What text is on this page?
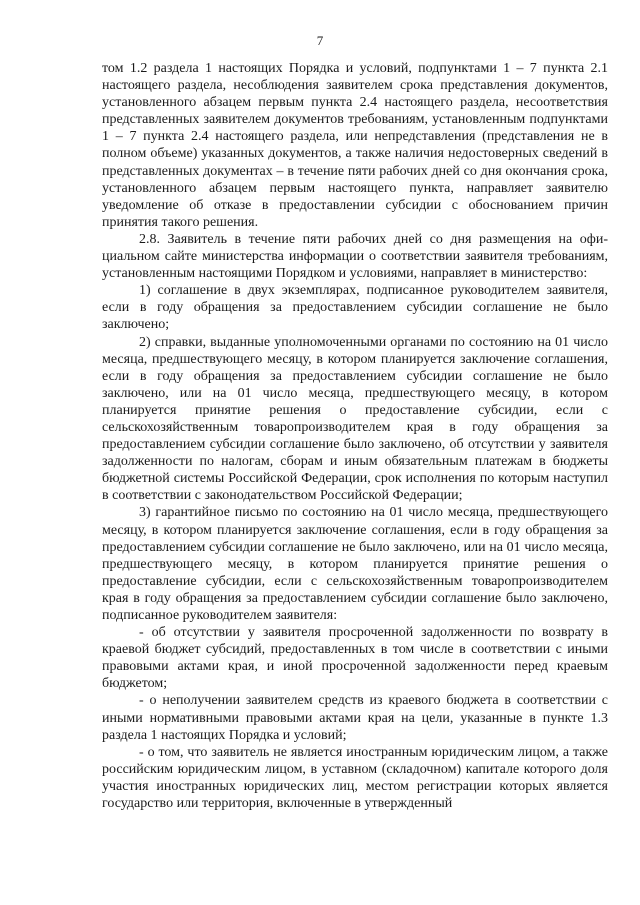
7

том 1.2 раздела 1 настоящих Порядка и условий, подпунктами 1 – 7 пункта 2.1 настоящего раздела, несоблюдения заявителем срока представления документов, установленного абзацем первым пункта 2.4 настоящего раздела, несоответствия представленных заявителем документов требованиям, установленным подпунктами 1 – 7 пункта 2.4 настоящего раздела, или непредставления (представления не в полном объеме) указанных документов, а также наличия недостоверных сведений в представленных документах – в течение пяти рабочих дней со дня окончания срока, установленного абзацем первым настоящего пункта, направляет заявителю уведомление об отказе в предоставлении субсидии с обоснованием причин принятия такого решения.

2.8. Заявитель в течение пяти рабочих дней со дня размещения на официальном сайте министерства информации о соответствии заявителя требованиям, установленным настоящими Порядком и условиями, направляет в министерство:

1) соглашение в двух экземплярах, подписанное руководителем заявителя, если в году обращения за предоставлением субсидии соглашение не было заключено;

2) справки, выданные уполномоченными органами по состоянию на 01 число месяца, предшествующего месяцу, в котором планируется заключение соглашения, если в году обращения за предоставлением субсидии соглашение не было заключено, или на 01 число месяца, предшествующего месяцу, в котором планируется принятие решения о предоставление субсидии, если с сельскохозяйственным товаропроизводителем края в году обращения за предоставлением субсидии соглашение было заключено, об отсутствии у заявителя задолженности по налогам, сборам и иным обязательным платежам в бюджеты бюджетной системы Российской Федерации, срок исполнения по которым наступил в соответствии с законодательством Российской Федерации;

3) гарантийное письмо по состоянию на 01 число месяца, предшествующего месяцу, в котором планируется заключение соглашения, если в году обращения за предоставлением субсидии соглашение не было заключено, или на 01 число месяца, предшествующего месяцу, в котором планируется принятие решения о предоставление субсидии, если с сельскохозяйственным товаропроизводителем края в году обращения за предоставлением субсидии соглашение было заключено, подписанное руководителем заявителя:

- об отсутствии у заявителя просроченной задолженности по возврату в краевой бюджет субсидий, предоставленных в том числе в соответствии с иными правовыми актами края, и иной просроченной задолженности перед краевым бюджетом;

- о неполучении заявителем средств из краевого бюджета в соответствии с иными нормативными правовыми актами края на цели, указанные в пункте 1.3 раздела 1 настоящих Порядка и условий;

- о том, что заявитель не является иностранным юридическим лицом, а также российским юридическим лицом, в уставном (складочном) капитале которого доля участия иностранных юридических лиц, местом регистрации которых является государство или территория, включенные в утвержденный
